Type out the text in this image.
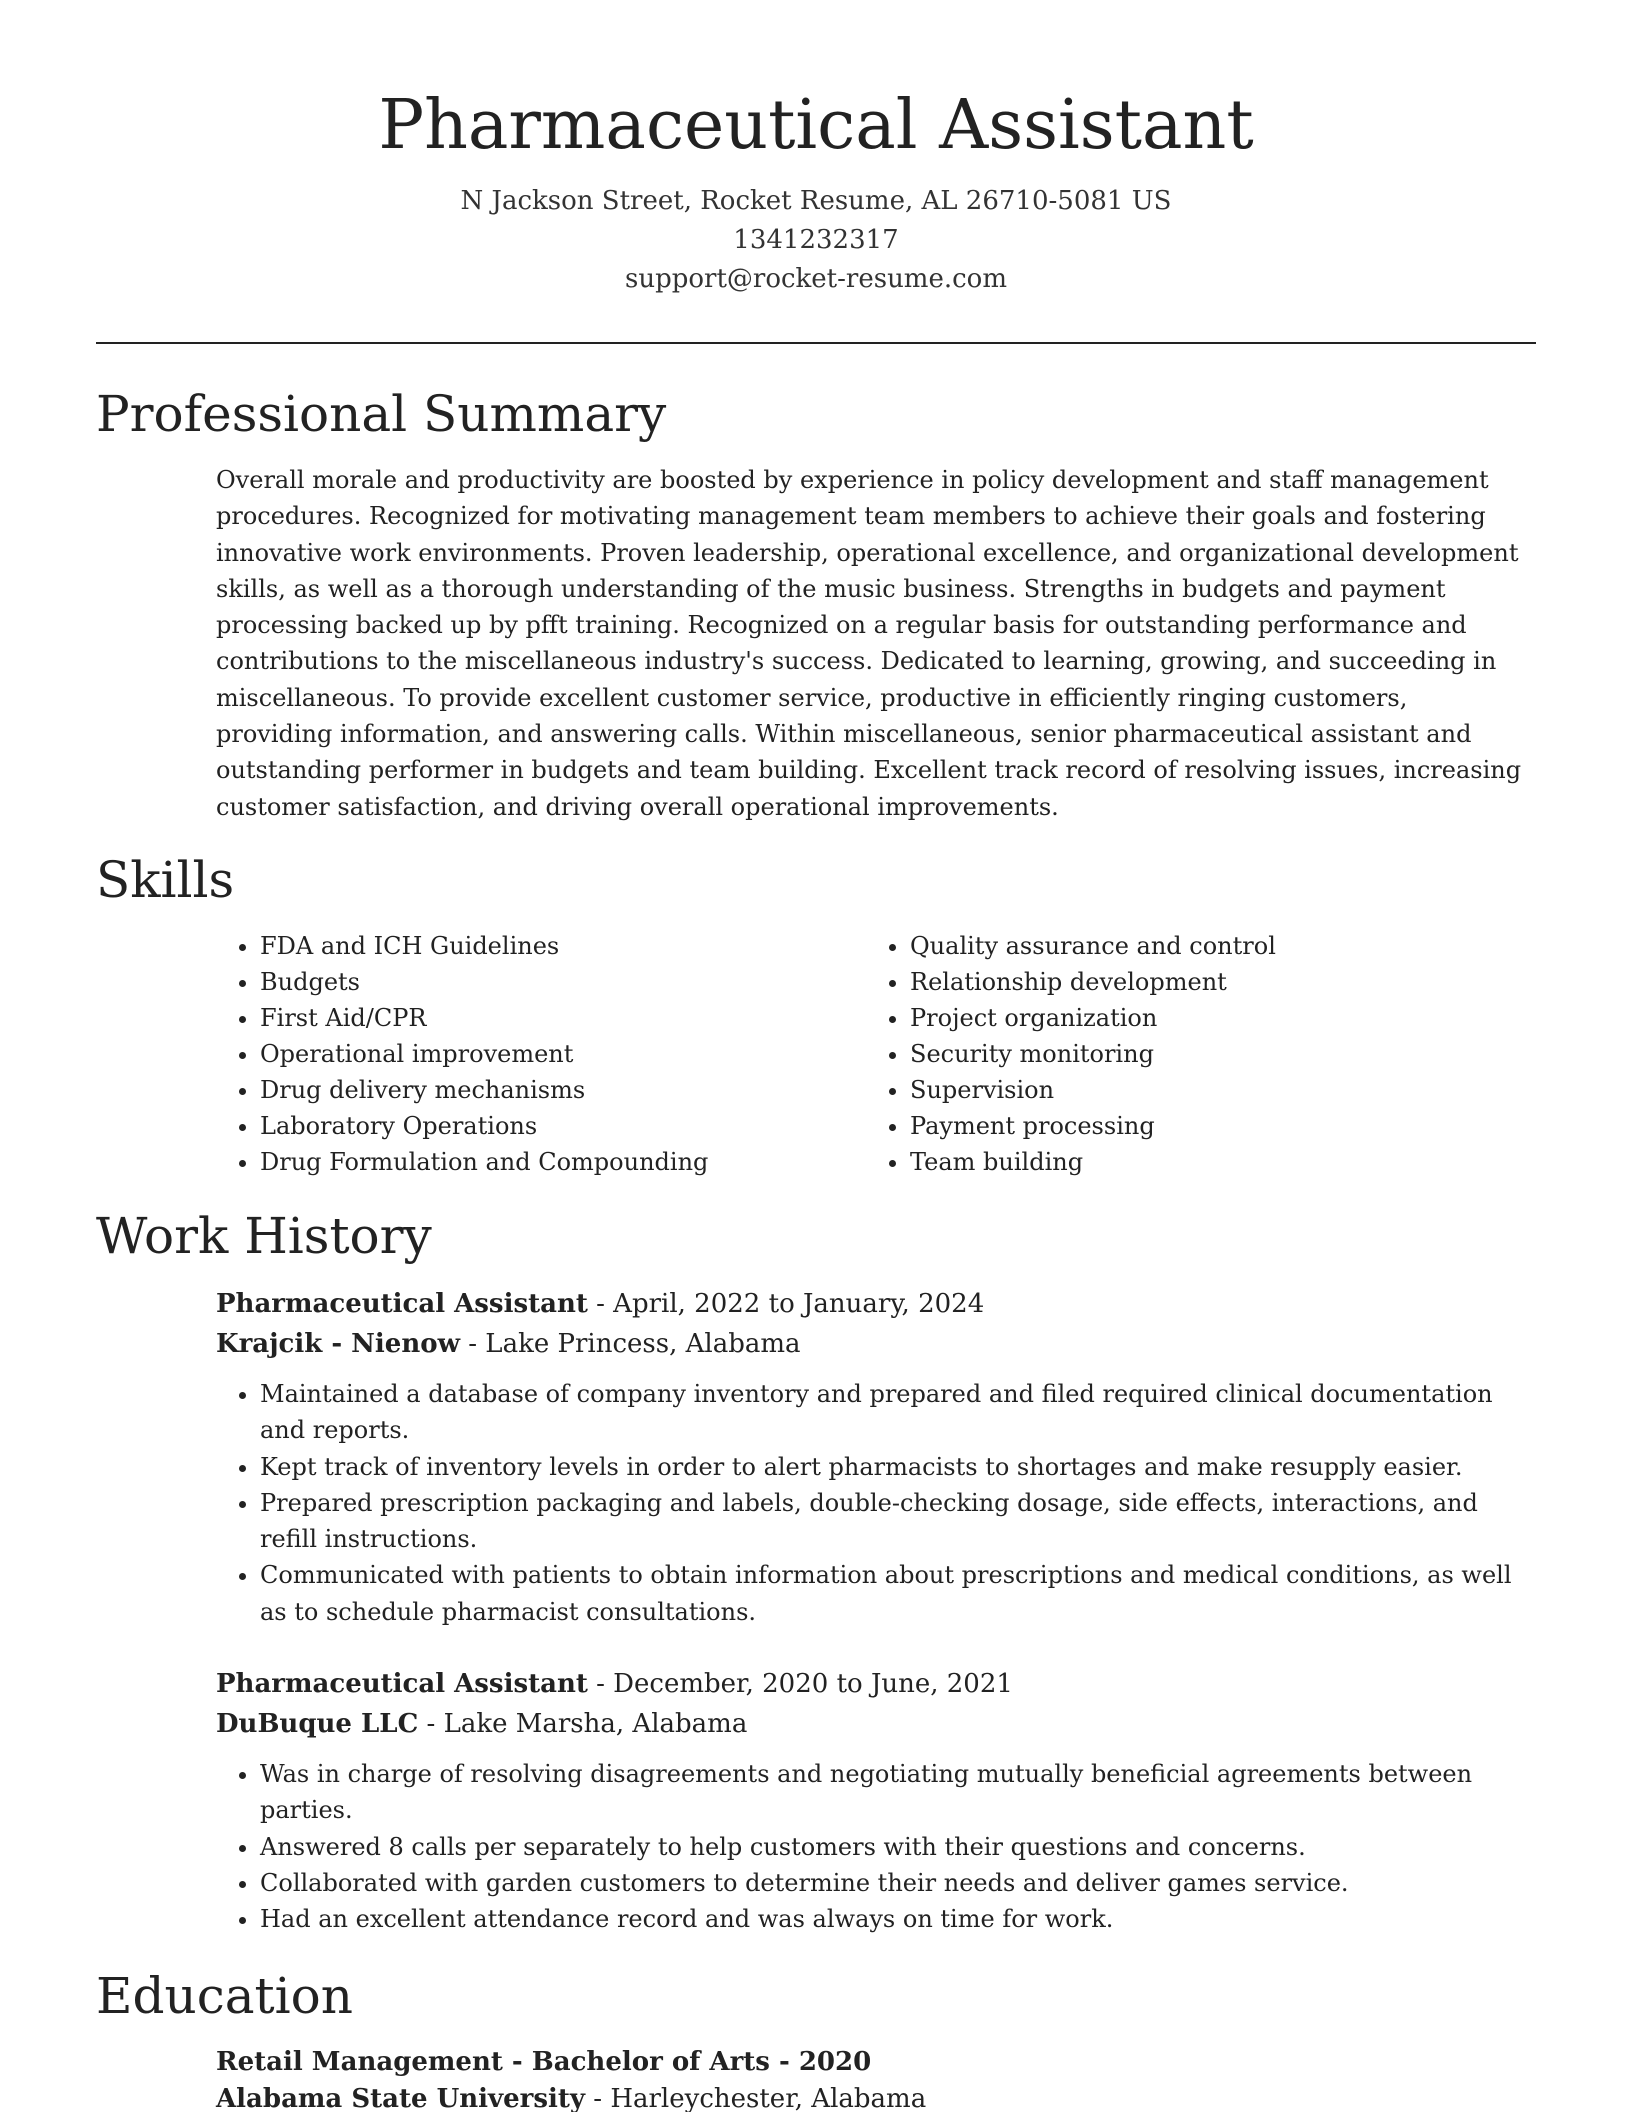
Pharmaceutical Assistant
N Jackson Street, Rocket Resume, AL 26710-5081 US
1341232317
support@rocket-resume.com
Professional Summary
Overall morale and productivity are boosted by experience in policy development and staff management procedures. Recognized for motivating management team members to achieve their goals and fostering innovative work environments. Proven leadership, operational excellence, and organizational development skills, as well as a thorough understanding of the music business. Strengths in budgets and payment processing backed up by pfft training. Recognized on a regular basis for outstanding performance and contributions to the miscellaneous industry's success. Dedicated to learning, growing, and succeeding in miscellaneous. To provide excellent customer service, productive in efficiently ringing customers, providing information, and answering calls. Within miscellaneous, senior pharmaceutical assistant and outstanding performer in budgets and team building. Excellent track record of resolving issues, increasing customer satisfaction, and driving overall operational improvements.
Skills
• FDA and ICH Guidelines
• Budgets
• First Aid/CPR
• Operational improvement
• Drug delivery mechanisms
• Laboratory Operations
• Drug Formulation and Compounding
• Quality assurance and control
• Relationship development
• Project organization
• Security monitoring
• Supervision
• Payment processing
• Team building
Work History
Pharmaceutical Assistant - April, 2022 to January, 2024
Krajcik - Nienow - Lake Princess, Alabama
• Maintained a database of company inventory and prepared and filed required clinical documentation and reports.
• Kept track of inventory levels in order to alert pharmacists to shortages and make resupply easier.
• Prepared prescription packaging and labels, double-checking dosage, side effects, interactions, and refill instructions.
• Communicated with patients to obtain information about prescriptions and medical conditions, as well as to schedule pharmacist consultations.
Pharmaceutical Assistant - December, 2020 to June, 2021
DuBuque LLC - Lake Marsha, Alabama
• Was in charge of resolving disagreements and negotiating mutually beneficial agreements between parties.
• Answered 8 calls per separately to help customers with their questions and concerns.
• Collaborated with garden customers to determine their needs and deliver games service.
• Had an excellent attendance record and was always on time for work.
Education
Retail Management - Bachelor of Arts - 2020
Alabama State University - Harleychester, Alabama
